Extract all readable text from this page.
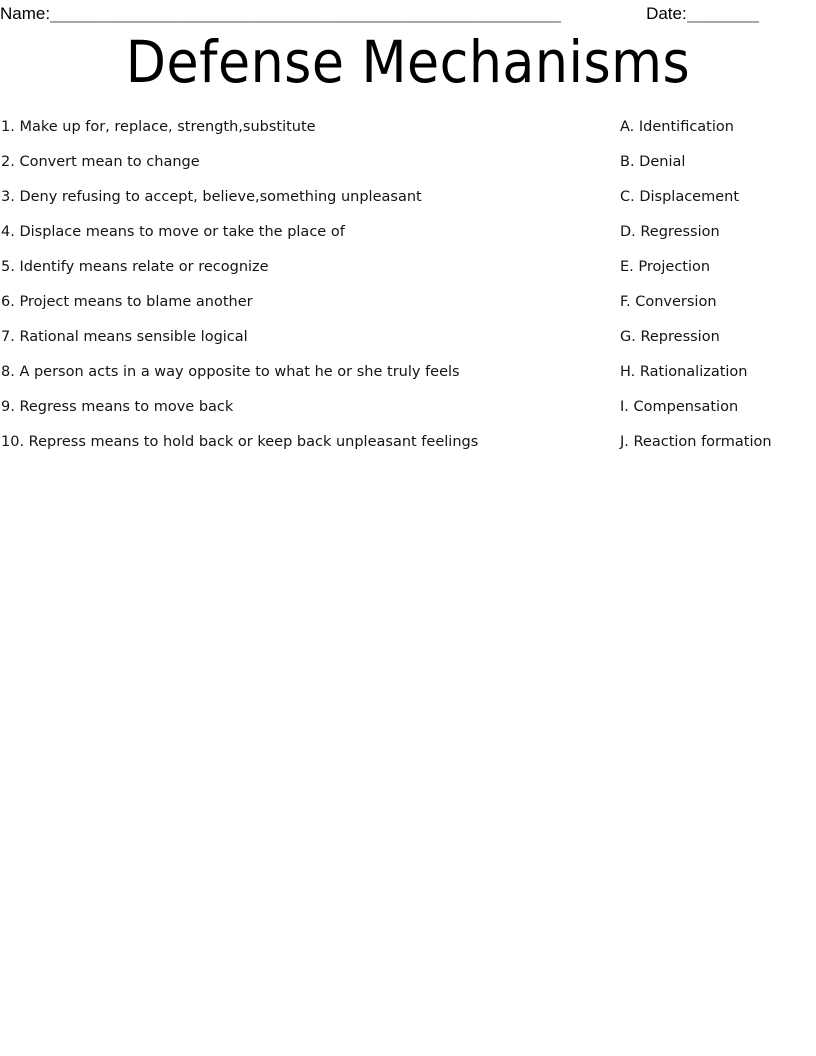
Name: _________________________________________________________	Date: ________
Defense Mechanisms
1. Make up for, replace, strength,substitute	A. Identification
2. Convert mean to change	B. Denial
3. Deny refusing to accept, believe,something unpleasant	C. Displacement
4. Displace means to move or take the place of	D. Regression
5. Identify means relate or recognize	E. Projection
6. Project means to blame another	F. Conversion
7. Rational means sensible logical	G. Repression
8. A person acts in a way opposite to what he or she truly feels	H. Rationalization
9. Regress means to move back	I. Compensation
10. Repress means to hold back or keep back unpleasant feelings	J. Reaction formation
